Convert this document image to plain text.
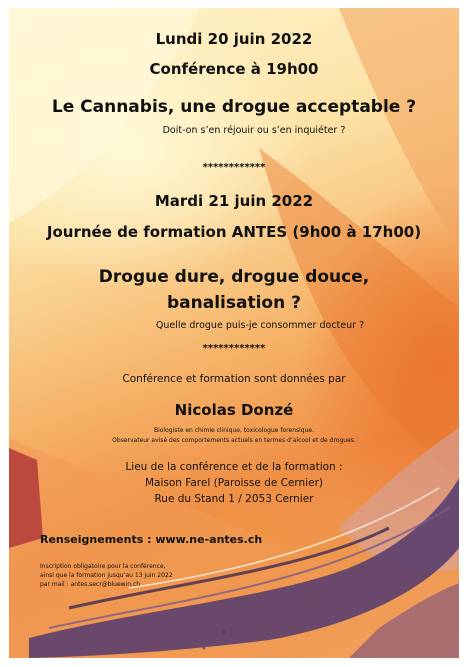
Lundi 20 juin 2022
Conférence à 19h00
Le Cannabis, une drogue acceptable ?
Doit-on s’en réjouir ou s’en inquiéter ?
************
Mardi 21 juin 2022
Journée de formation ANTES (9h00 à 17h00)
Drogue dure, drogue douce,
banalisation ?
Quelle drogue puis-je consommer docteur ?
************
Conférence et formation sont données par
Nicolas Donzé
Biologiste en chimie clinique, toxicologue forensique.
Observateur avisé des comportements actuels en termes d’alcool et de drogues.
Lieu de la conférence et de la formation :
Maison Farel (Paroisse de Cernier)
Rue du Stand 1 / 2053 Cernier
Renseignements : www.ne-antes.ch
Inscription obligatoire pour la conférence,
ainsi que la formation jusqu’au 13 juin 2022
par mail : antes.secr@bluewin.ch
